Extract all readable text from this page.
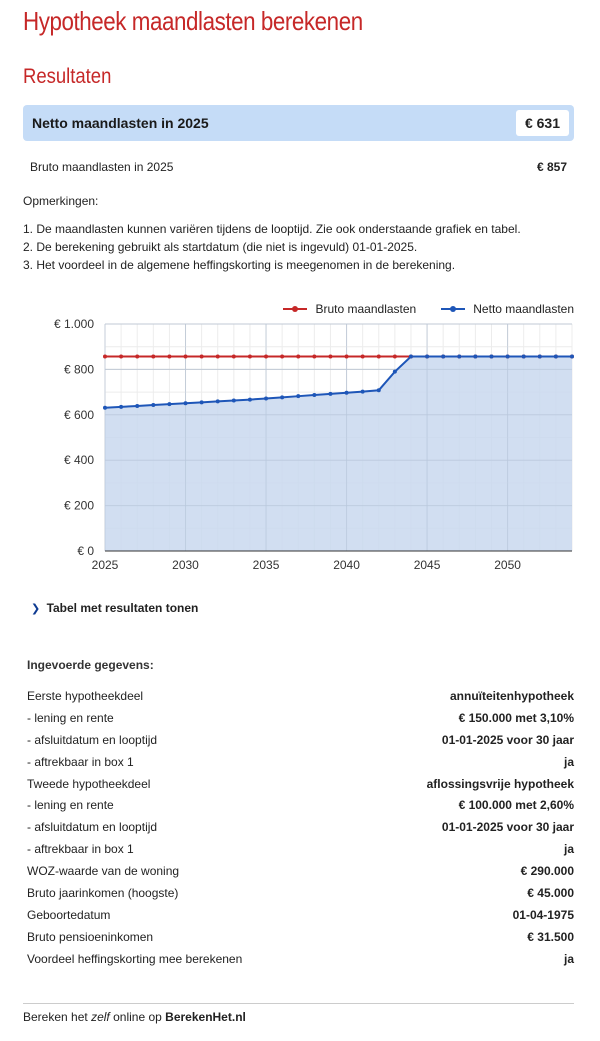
Hypotheek maandlasten berekenen
Resultaten
Netto maandlasten in 2025	€ 631
Bruto maandlasten in 2025	€ 857
Opmerkingen:
1. De maandlasten kunnen variëren tijdens de looptijd. Zie ook onderstaande grafiek en tabel.
2. De berekening gebruikt als startdatum (die niet is ingevuld) 01-01-2025.
3. Het voordeel in de algemene heffingskorting is meegenomen in de berekening.
Bruto maandlasten	Netto maandlasten
€ 0
€ 200
€ 400
€ 600
€ 800
€ 1.000
2025	2030	2035	2040	2045	2050
❯ Tabel met resultaten tonen
Ingevoerde gegevens:
Eerste hypotheekdeel	annuïteitenhypotheek
- lening en rente	€ 150.000 met 3,10%
- afsluitdatum en looptijd	01-01-2025 voor 30 jaar
- aftrekbaar in box 1	ja
Tweede hypotheekdeel	aflossingsvrije hypotheek
- lening en rente	€ 100.000 met 2,60%
- afsluitdatum en looptijd	01-01-2025 voor 30 jaar
- aftrekbaar in box 1	ja
WOZ-waarde van de woning	€ 290.000
Bruto jaarinkomen (hoogste)	€ 45.000
Geboortedatum	01-04-1975
Bruto pensioeninkomen	€ 31.500
Voordeel heffingskorting mee berekenen	ja
Bereken het zelf online op BerekenHet.nl
